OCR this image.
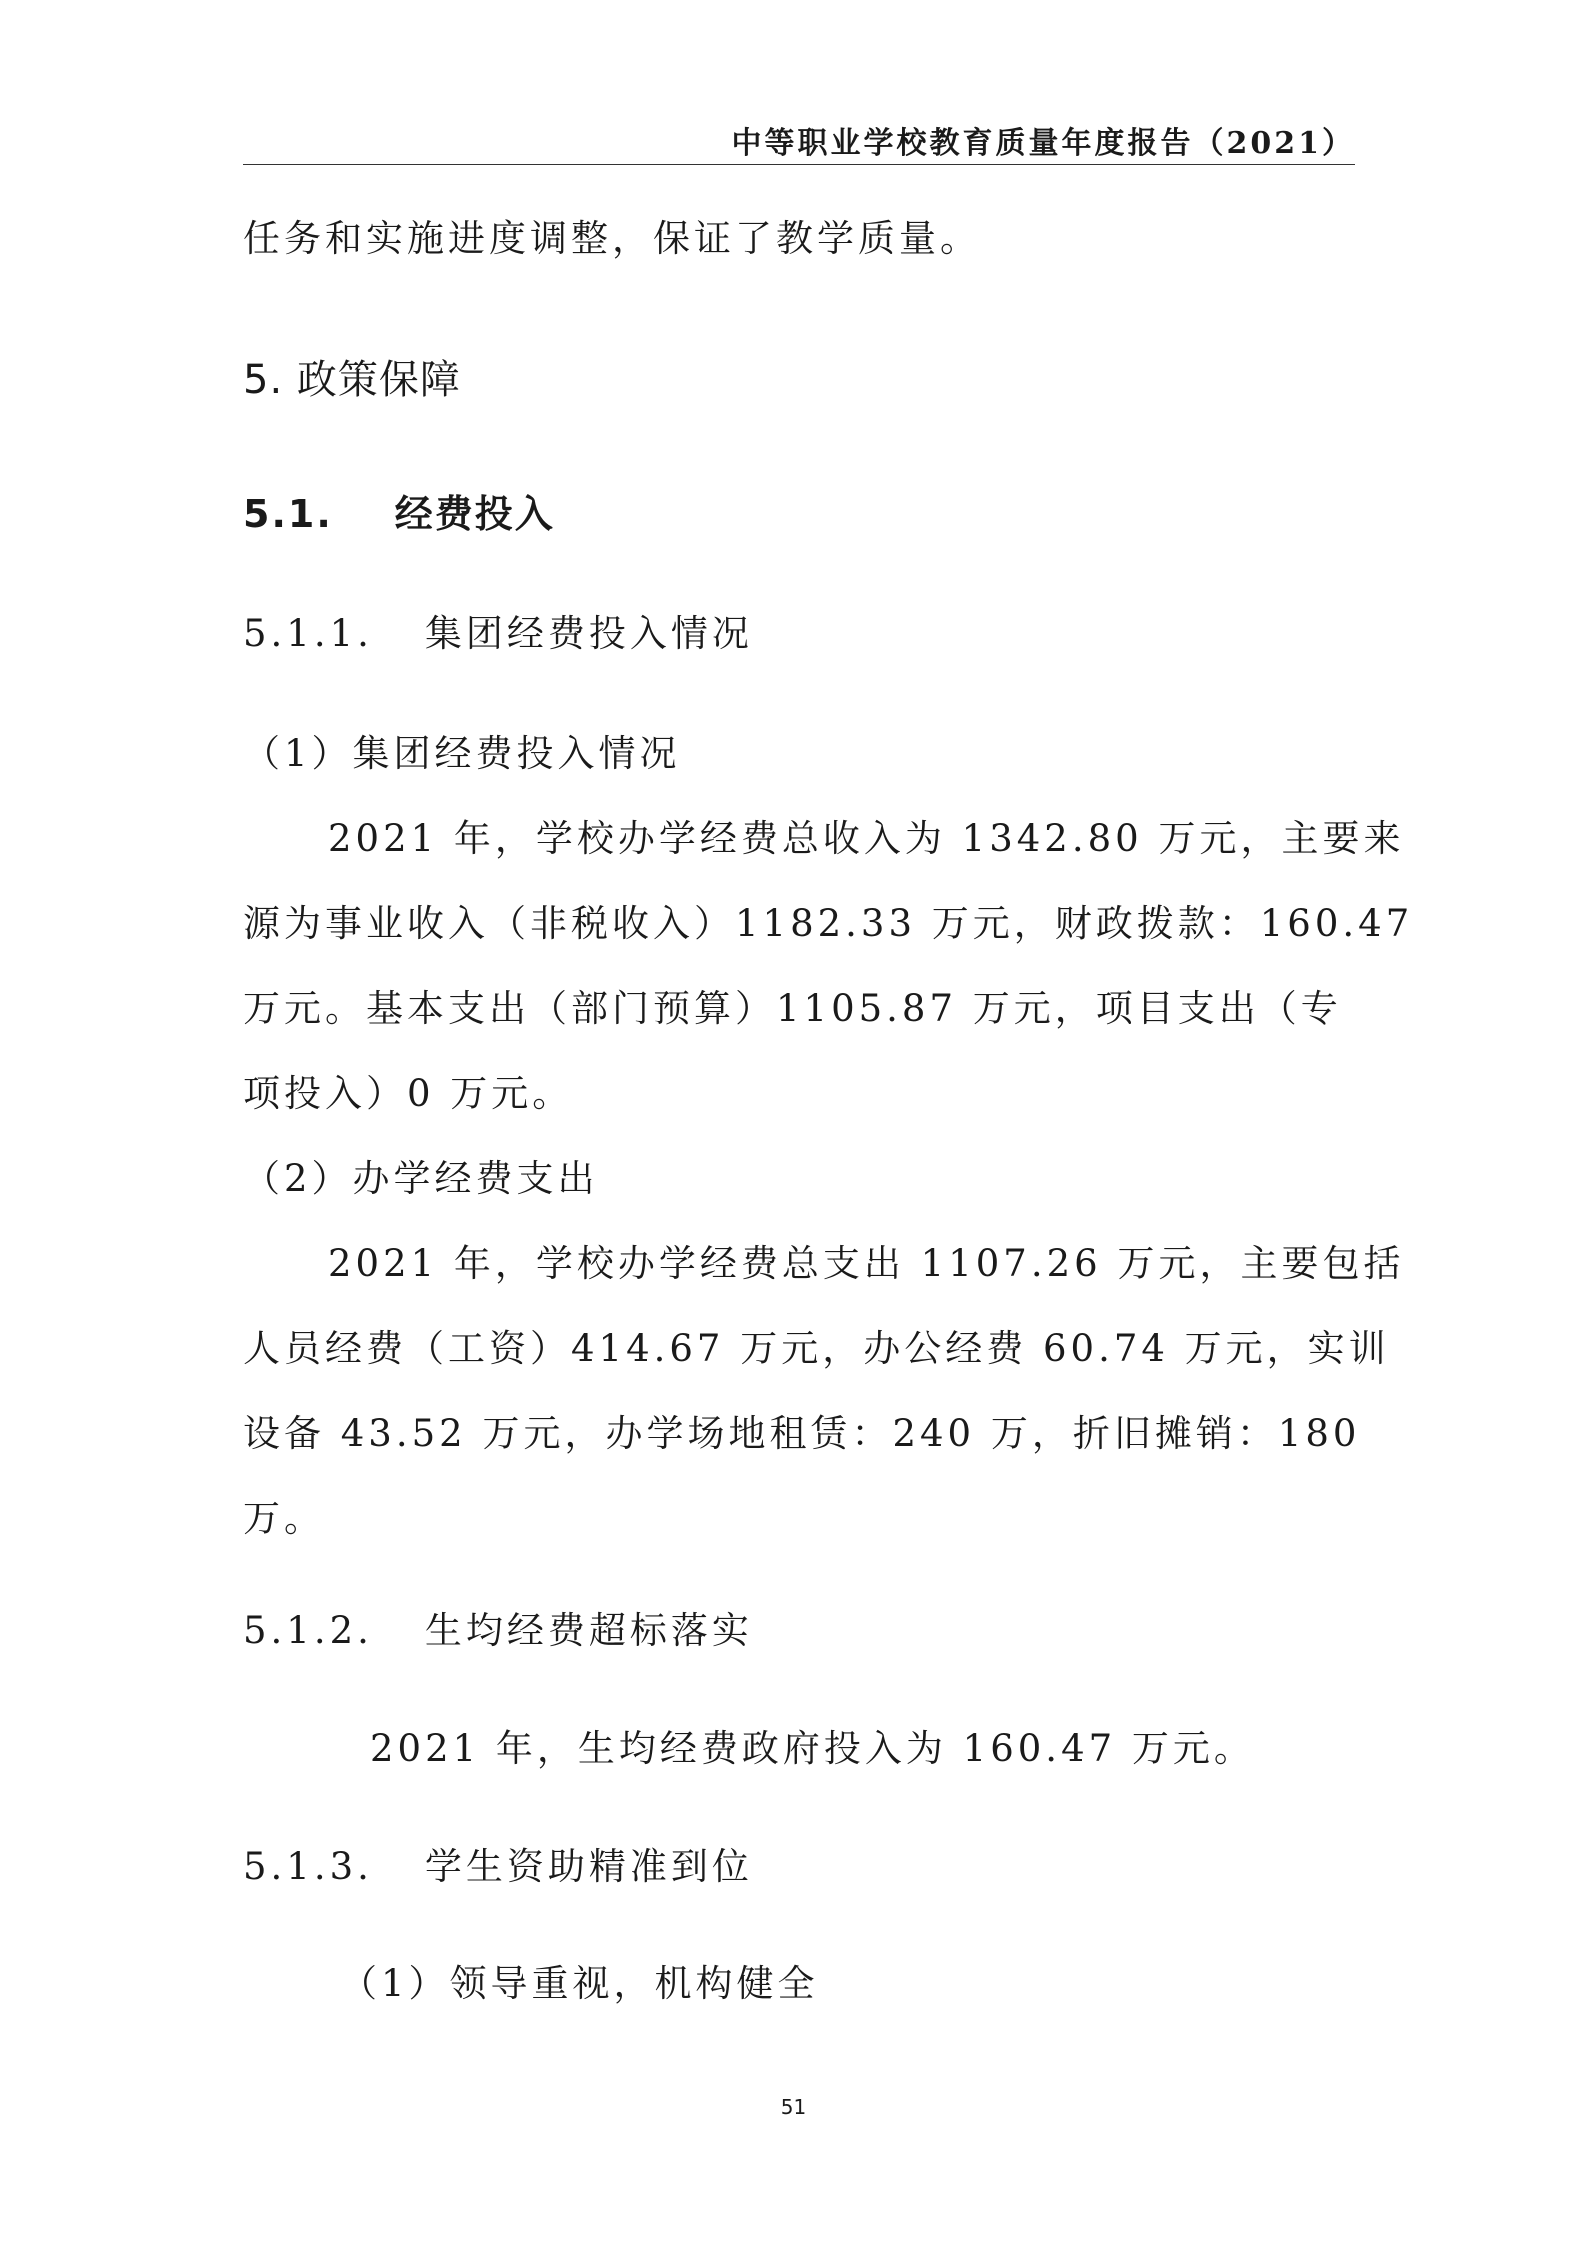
中等职业学校教育质量年度报告（2021）
任务和实施进度调整，保证了教学质量。
5. 政策保障
5.1. 经费投入
5.1.1. 集团经费投入情况
（1）集团经费投入情况
2021 年，学校办学经费总收入为 1342.80 万元，主要来
源为事业收入（非税收入）1182.33 万元，财政拨款：160.47
万元。基本支出（部门预算）1105.87 万元，项目支出（专
项投入）0 万元。
（2）办学经费支出
2021 年，学校办学经费总支出 1107.26 万元，主要包括
人员经费（工资）414.67 万元，办公经费 60.74 万元，实训
设备 43.52 万元，办学场地租赁：240 万，折旧摊销：180
万。
5.1.2. 生均经费超标落实
2021 年，生均经费政府投入为 160.47 万元。
5.1.3. 学生资助精准到位
（1）领导重视，机构健全
51
